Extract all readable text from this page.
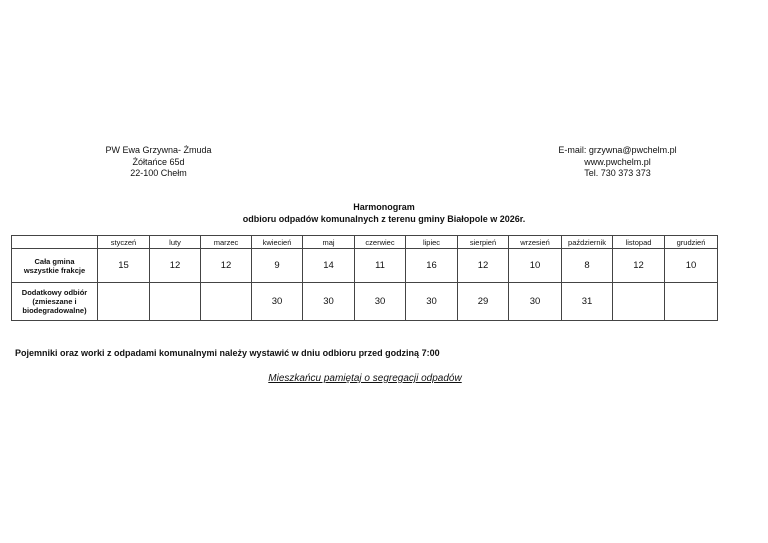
PW Ewa Grzywna- Żmuda
Żółtańce 65d
22-100 Chełm
E-mail: grzywna@pwchelm.pl
www.pwchelm.pl
Tel. 730 373 373
Harmonogram
odbioru odpadów komunalnych z terenu gminy Białopole w 2026r.
	styczeń	luty	marzec	kwiecień	maj	czerwiec	lipiec	sierpień	wrzesień	październik	listopad	grudzień

Cała gmina
wszystkie frakcje	15	12	12	9	14	11	16	12	10	8	12	10

Dodatkowy odbiór
(zmieszane i
biodegradowalne)				30	30	30	30	29	30	31		
Pojemniki oraz worki z odpadami komunalnymi należy wystawić w dniu odbioru przed godziną 7:00
Mieszkańcu pamiętaj o segregacji odpadów
